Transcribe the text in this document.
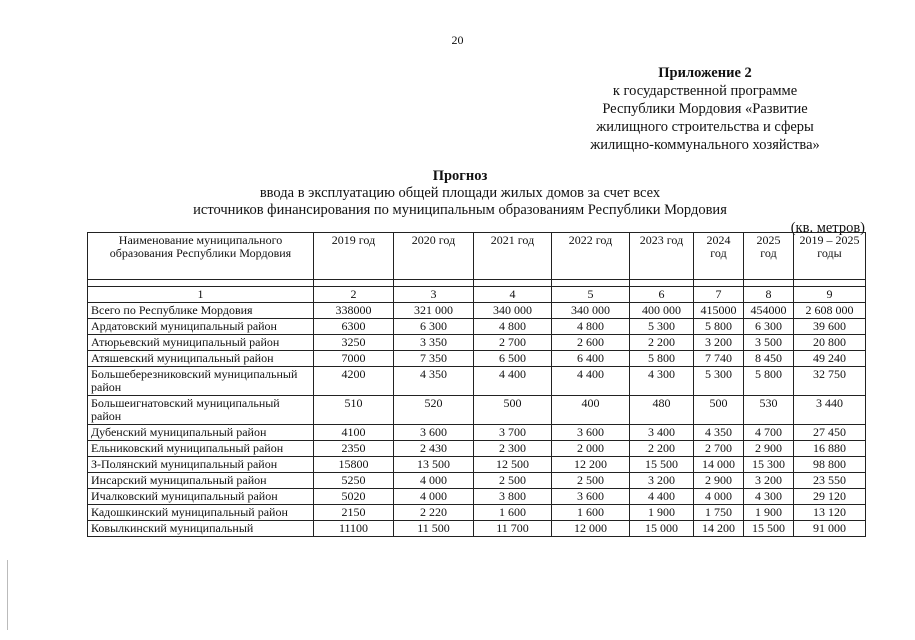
20
Приложение 2
к государственной программе
Республики Мордовия «Развитие
жилищного строительства и сферы
жилищно-коммунального хозяйства»
Прогноз
ввода в эксплуатацию общей площади жилых домов за счет всех
источников финансирования по муниципальным образованиям Республики Мордовия
(кв. метров)
Наименование муниципального образования Республики Мордовия	2019 год	2020 год	2021 год	2022 год	2023 год	2024 год	2025 год	2019 – 2025 годы

1	2	3	4	5	6	7	8	9
Всего по Республике Мордовия	338000	321 000	340 000	340 000	400 000	415000	454000	2 608 000
Ардатовский муниципальный район	6300	6 300	4 800	4 800	5 300	5 800	6 300	39 600
Атюрьевский муниципальный район	3250	3 350	2 700	2 600	2 200	3 200	3 500	20 800
Атяшевский муниципальный район	7000	7 350	6 500	6 400	5 800	7 740	8 450	49 240
Большеберезниковский муниципальный район	4200	4 350	4 400	4 400	4 300	5 300	5 800	32 750
Большеигнатовский муниципальный район	510	520	500	400	480	500	530	3 440
Дубенский муниципальный район	4100	3 600	3 700	3 600	3 400	4 350	4 700	27 450
Ельниковский муниципальный район	2350	2 430	2 300	2 000	2 200	2 700	2 900	16 880
З-Полянский муниципальный район	15800	13 500	12 500	12 200	15 500	14 000	15 300	98 800
Инсарский муниципальный район	5250	4 000	2 500	2 500	3 200	2 900	3 200	23 550
Ичалковский муниципальный район	5020	4 000	3 800	3 600	4 400	4 000	4 300	29 120
Кадошкинский муниципальный район	2150	2 220	1 600	1 600	1 900	1 750	1 900	13 120
Ковылкинский муниципальный	11100	11 500	11 700	12 000	15 000	14 200	15 500	91 000
